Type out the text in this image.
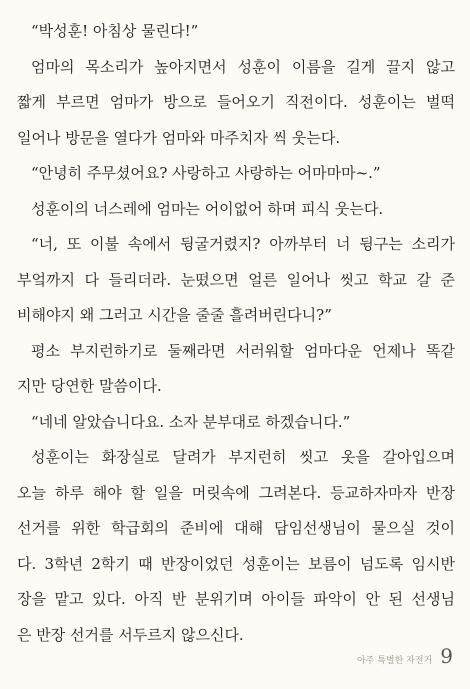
“박성훈! 아침상 물린다!”
엄마의 목소리가 높아지면서 성훈이 이름을 길게 끌지 않고
짧게 부르면 엄마가 방으로 들어오기 직전이다. 성훈이는 벌떡
일어나 방문을 열다가 엄마와 마주치자 씩 웃는다.
“안녕히 주무셨어요? 사랑하고 사랑하는 어마마마~.”
성훈이의 너스레에 엄마는 어이없어 하며 피식 웃는다.
“너, 또 이불 속에서 뒹굴거렸지? 아까부터 너 뒹구는 소리가
부엌까지 다 들리더라. 눈떴으면 얼른 일어나 씻고 학교 갈 준
비해야지 왜 그러고 시간을 줄줄 흘려버린다니?”
평소 부지런하기로 둘째라면 서러워할 엄마다운 언제나 똑같
지만 당연한 말씀이다.
“네네 알았습니다요. 소자 분부대로 하겠습니다.”
성훈이는 화장실로 달려가 부지런히 씻고 옷을 갈아입으며
오늘 하루 해야 할 일을 머릿속에 그려본다. 등교하자마자 반장
선거를 위한 학급회의 준비에 대해 담임선생님이 물으실 것이
다. 3학년 2학기 때 반장이었던 성훈이는 보름이 넘도록 임시반
장을 맡고 있다. 아직 반 분위기며 아이들 파악이 안 된 선생님
은 반장 선거를 서두르지 않으신다.
아주 특별한 자전거 9
